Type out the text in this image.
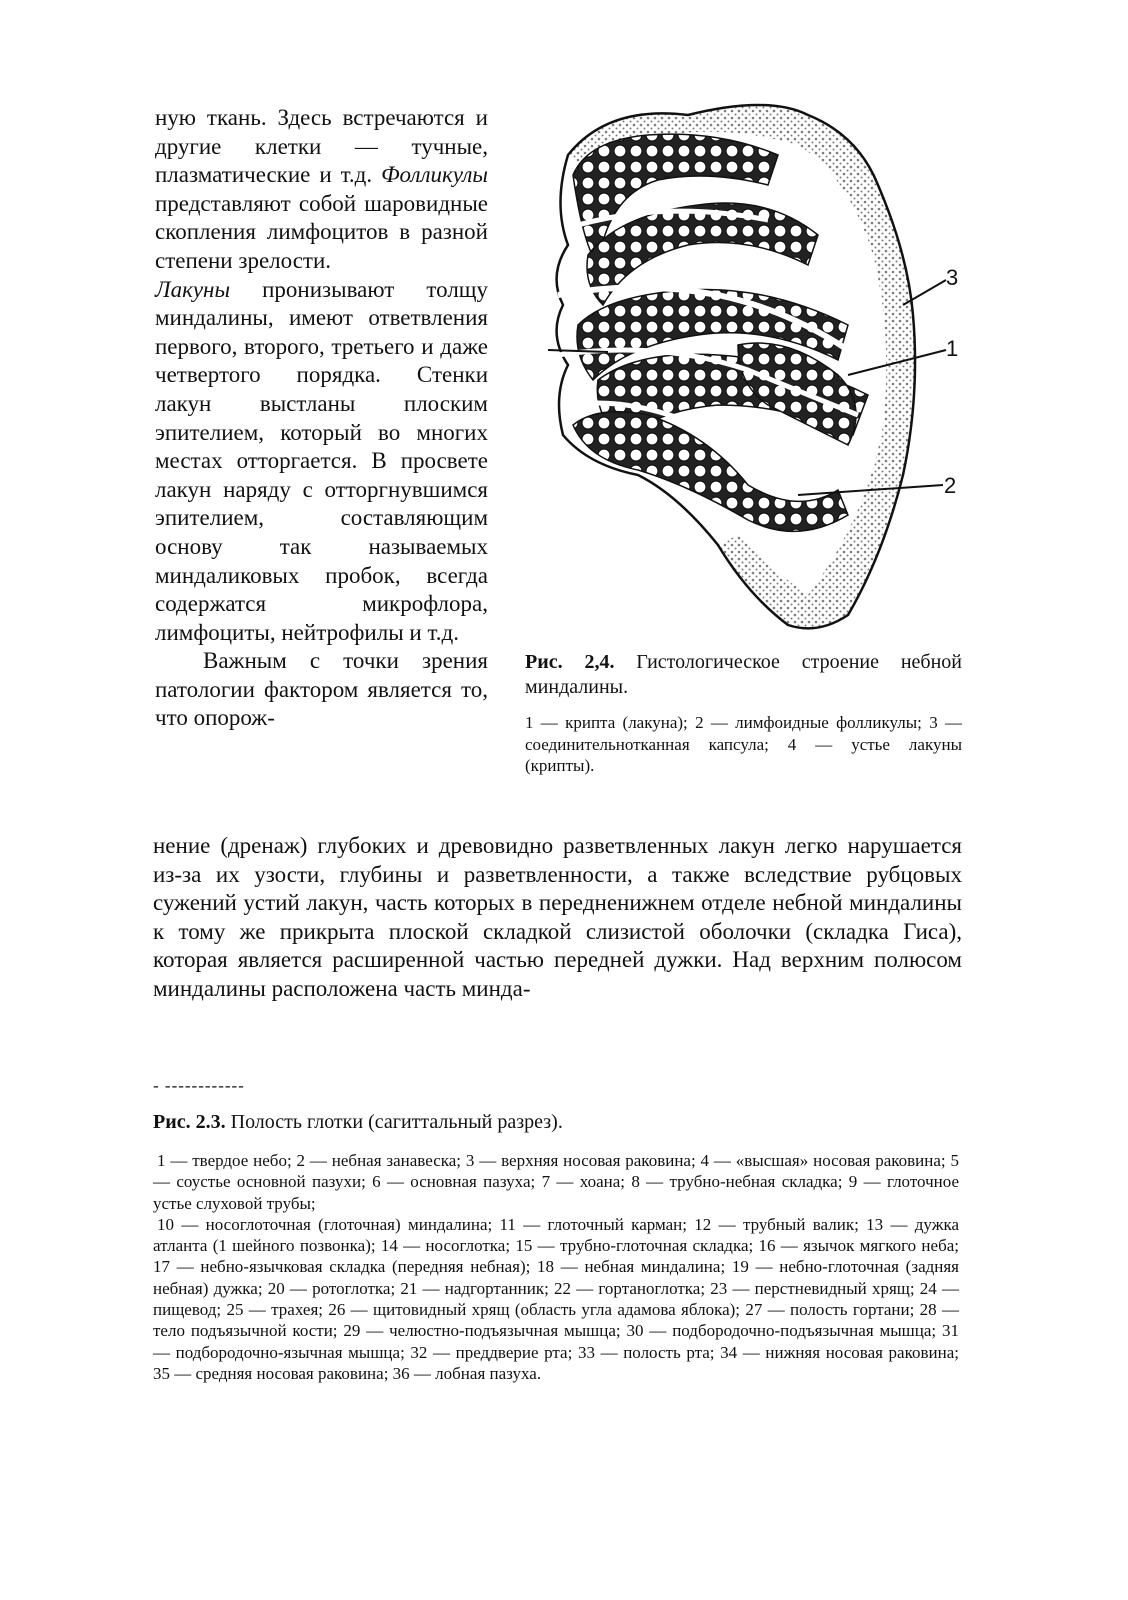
ную ткань. Здесь встречаются и другие клетки — тучные, плазматические и т.д. Фолликулы представляют собой шаровидные скопления лимфоцитов в разной степени зрелости.
Лакуны пронизывают толщу миндалины, имеют ответвления первого, второго, третьего и даже четвертого порядка. Стенки лакун выстланы плоским эпителием, который во многих местах отторгается. В просвете лакун наряду с отторгнувшимся эпителием, составляющим основу так называемых миндаликовых пробок, всегда содержатся микрофлора, лимфоциты, нейтрофилы и т.д.

Важным с точки зрения патологии фактором является то, что опорож-

3
1
2
Рис. 2,4. Гистологическое строение небной миндалины.
1 — крипта (лакуна); 2 — лимфоидные фолликулы; 3 — соединительнотканная капсула; 4 — устье лакуны (крипты).

нение (дренаж) глубоких и древовидно разветвленных лакун легко нарушается из-за их узости, глубины и разветвленности, а также вследствие рубцовых сужений устий лакун, часть которых в передненижнем отделе небной миндалины к тому же прикрыта плоской складкой слизистой оболочки (складка Гиса), которая является расширенной частью передней дужки. Над верхним полюсом миндалины расположена часть минда-

- ------------
Рис. 2.3. Полость глотки (сагиттальный разрез).

1 — твердое небо; 2 — небная занавеска; 3 — верхняя носовая раковина; 4 — «высшая» носовая раковина; 5 — соустье основной пазухи; 6 — основная пазуха; 7 — хоана; 8 — трубно-небная складка; 9 — глоточное устье слуховой трубы;

10 — носоглоточная (глоточная) миндалина; 11 — глоточный карман; 12 — трубный валик; 13 — дужка атланта (1 шейного позвонка); 14 — носоглотка; 15 — трубно-глоточная складка; 16 — язычок мягкого неба; 17 — небно-язычковая складка (передняя небная); 18 — небная миндалина; 19 — небно-глоточная (задняя небная) дужка; 20 — ротоглотка; 21 — надгортанник; 22 — гортаноглотка; 23 — перстневидный хрящ; 24 — пищевод; 25 — трахея; 26 — щитовидный хрящ (область угла адамова яблока); 27 — полость гортани; 28 — тело подъязычной кости; 29 — челюстно-подъязычная мышца; 30 — подбородочно-подъязычная мышца; 31 — подбородочно-язычная мышца; 32 — преддверие рта; 33 — полость рта; 34 — нижняя носовая раковина; 35 — средняя носовая раковина; 36 — лобная пазуха.
